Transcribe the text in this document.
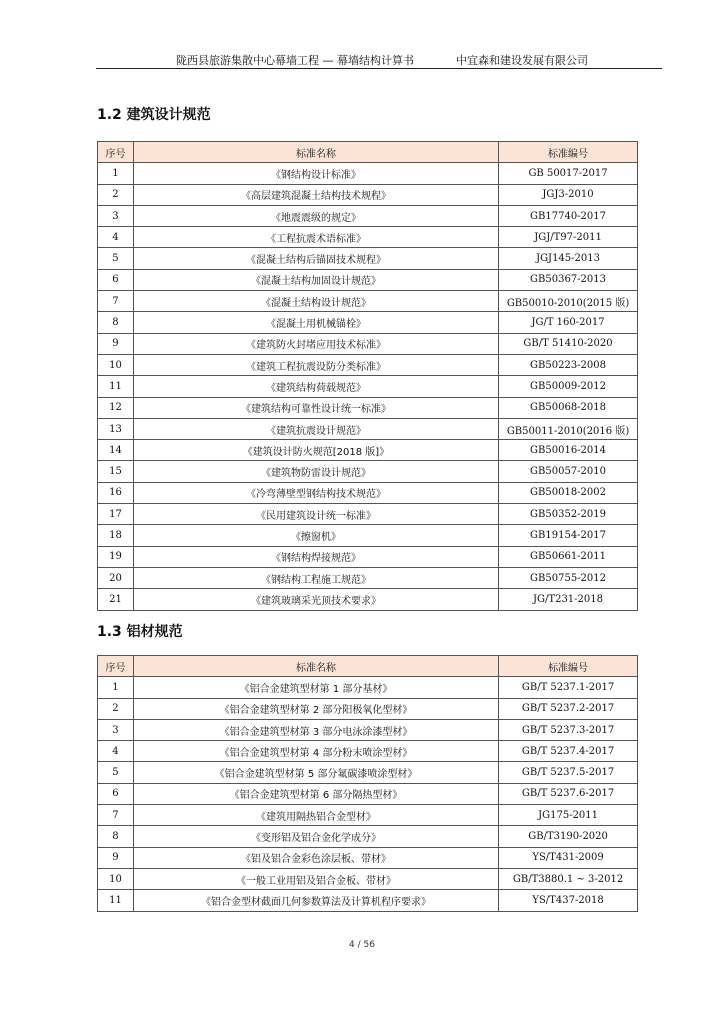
陇西县旅游集散中心幕墙工程 — 幕墙结构计算书	中宜森和建设发展有限公司
1.2 建筑设计规范
序号	标准名称	标准编号
1	《钢结构设计标准》	GB 50017-2017
2	《高层建筑混凝土结构技术规程》	JGJ3-2010
3	《地震震级的规定》	GB17740-2017
4	《工程抗震术语标准》	JGJ/T97-2011
5	《混凝土结构后锚固技术规程》	JGJ145-2013
6	《混凝土结构加固设计规范》	GB50367-2013
7	《混凝土结构设计规范》	GB50010-2010(2015 版)
8	《混凝土用机械锚栓》	JG/T 160-2017
9	《建筑防火封堵应用技术标准》	GB/T 51410-2020
10	《建筑工程抗震设防分类标准》	GB50223-2008
11	《建筑结构荷载规范》	GB50009-2012
12	《建筑结构可靠性设计统一标准》	GB50068-2018
13	《建筑抗震设计规范》	GB50011-2010(2016 版)
14	《建筑设计防火规范[2018 版]》	GB50016-2014
15	《建筑物防雷设计规范》	GB50057-2010
16	《冷弯薄壁型钢结构技术规范》	GB50018-2002
17	《民用建筑设计统一标准》	GB50352-2019
18	《擦窗机》	GB19154-2017
19	《钢结构焊接规范》	GB50661-2011
20	《钢结构工程施工规范》	GB50755-2012
21	《建筑玻璃采光顶技术要求》	JG/T231-2018
1.3 铝材规范
序号	标准名称	标准编号
1	《铝合金建筑型材第 1 部分基材》	GB/T 5237.1-2017
2	《铝合金建筑型材第 2 部分阳极氧化型材》	GB/T 5237.2-2017
3	《铝合金建筑型材第 3 部分电泳涂漆型材》	GB/T 5237.3-2017
4	《铝合金建筑型材第 4 部分粉末喷涂型材》	GB/T 5237.4-2017
5	《铝合金建筑型材第 5 部分氟碳漆喷涂型材》	GB/T 5237.5-2017
6	《铝合金建筑型材第 6 部分隔热型材》	GB/T 5237.6-2017
7	《建筑用隔热铝合金型材》	JG175-2011
8	《变形铝及铝合金化学成分》	GB/T3190-2020
9	《铝及铝合金彩色涂层板、带材》	YS/T431-2009
10	《一般工业用铝及铝合金板、带材》	GB/T3880.1 ~ 3-2012
11	《铝合金型材截面几何参数算法及计算机程序要求》	YS/T437-2018
4 / 56
